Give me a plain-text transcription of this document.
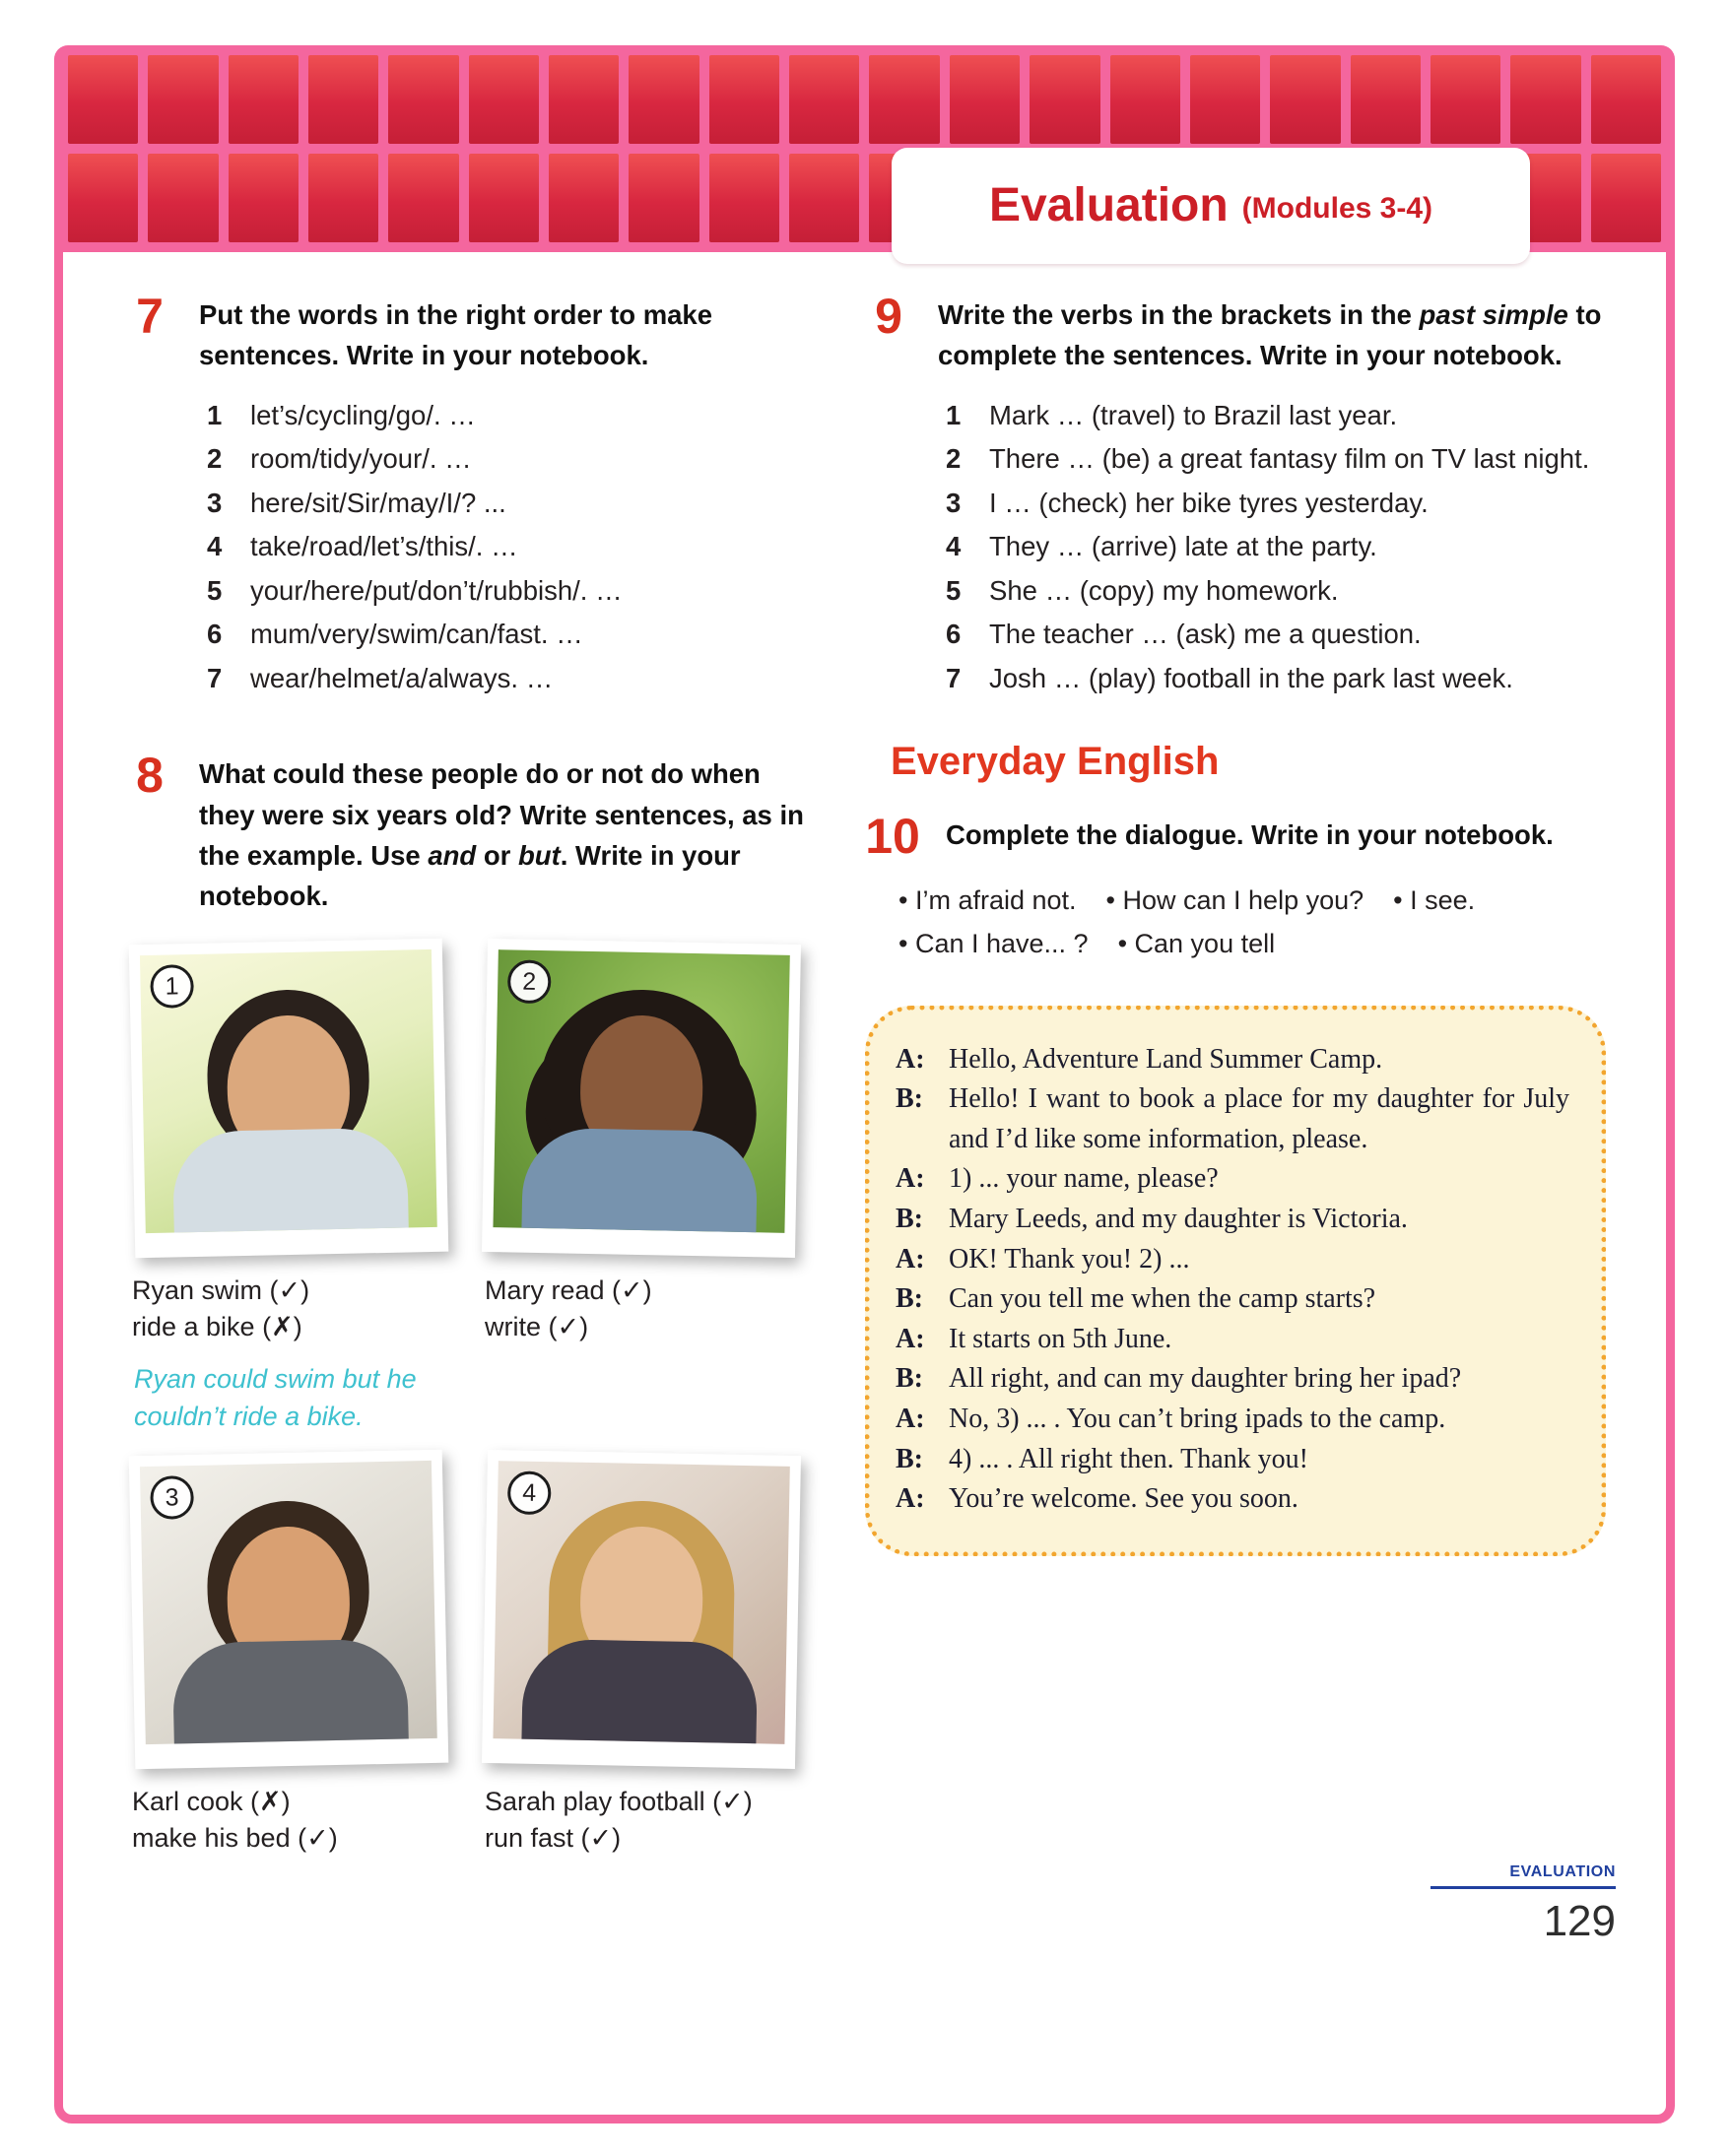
Evaluation (Modules 3-4)
7	Put the words in the right order to make sentences. Write in your notebook.

1	let’s/cycling/go/. …
2	room/tidy/your/. …
3	here/sit/Sir/may/I/? ...
4	take/road/let’s/this/. …
5	your/here/put/don’t/rubbish/. …
6	mum/very/swim/can/fast. …
7	wear/helmet/a/always. …
8	What could these people do or not do when they were six years old? Write sentences, as in the example. Use and or but. Write in your notebook.

1	2
Ryan swim (✓)
ride a bike (✗)
Mary read (✓)
write (✓)
Ryan could swim but he
couldn’t ride a bike.
3	4
Karl cook (✗)
make his bed (✓)
Sarah play football (✓)
run fast (✓)
9	Write the verbs in the brackets in the past simple to complete the sentences. Write in your notebook.

1	Mark … (travel) to Brazil last year.
2	There … (be) a great fantasy film on TV last night.
3	I … (check) her bike tyres yesterday.
4	They … (arrive) late at the party.
5	She … (copy) my homework.
6	The teacher … (ask) me a question.
7	Josh … (play) football in the park last week.
Everyday English
10 Complete the dialogue. Write in your notebook.

• I’m afraid not. • How can I help you? • I see.
• Can I have... ? • Can you tell
A: Hello, Adventure Land Summer Camp.
B: Hello! I want to book a place for my daughter for July and I’d like some information, please.
A: 1) ... your name, please?
B: Mary Leeds, and my daughter is Victoria.
A: OK! Thank you! 2) ...
B: Can you tell me when the camp starts?
A: It starts on 5th June.
B: All right, and can my daughter bring her ipad?
A: No, 3) ... . You can’t bring ipads to the camp.
B: 4) ... . All right then. Thank you!
A: You’re welcome. See you soon.
EVALUATION
129
